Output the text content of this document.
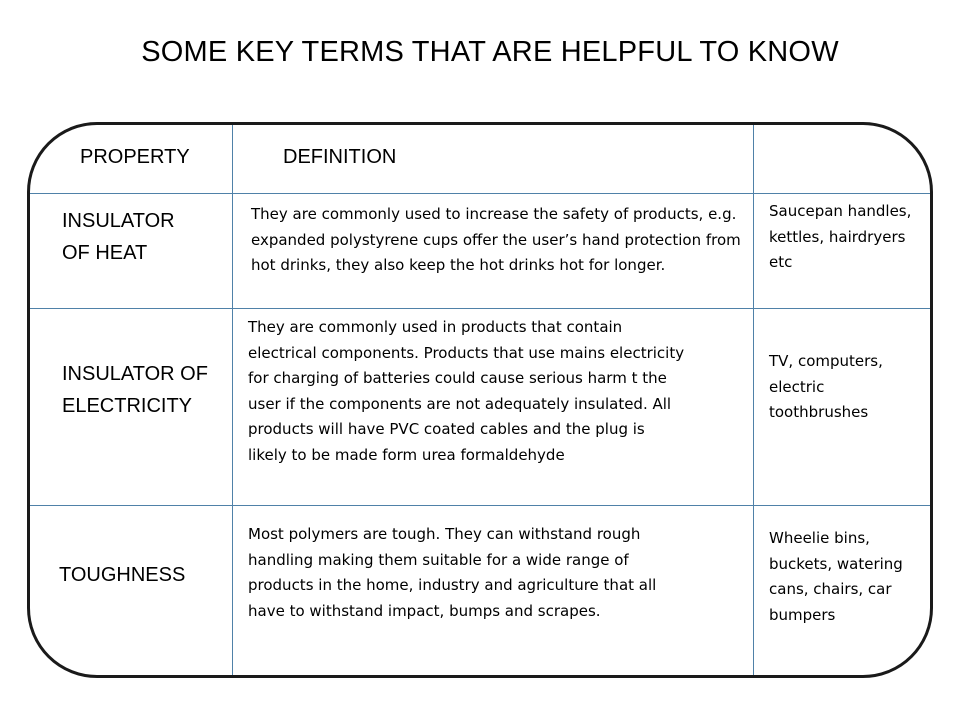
SOME KEY TERMS THAT ARE HELPFUL TO KNOW
PROPERTY	DEFINITION
INSULATOR OF HEAT
They are commonly used to increase the safety of products, e.g. expanded polystyrene cups offer the user’s hand protection from hot drinks, they also keep the hot drinks hot for longer.
Saucepan handles, kettles, hairdryers etc
INSULATOR OF ELECTRICITY
They are commonly used in products that contain electrical components. Products that use mains electricity for charging of batteries could cause serious harm t the user if the components are not adequately insulated. All products will have PVC coated cables and the plug is likely to be made form urea formaldehyde
TV, computers, electric toothbrushes
TOUGHNESS
Most polymers are tough. They can withstand rough handling making them suitable for a wide range of products in the home, industry and agriculture that all have to withstand impact, bumps and scrapes.
Wheelie bins, buckets, watering cans, chairs, car bumpers
